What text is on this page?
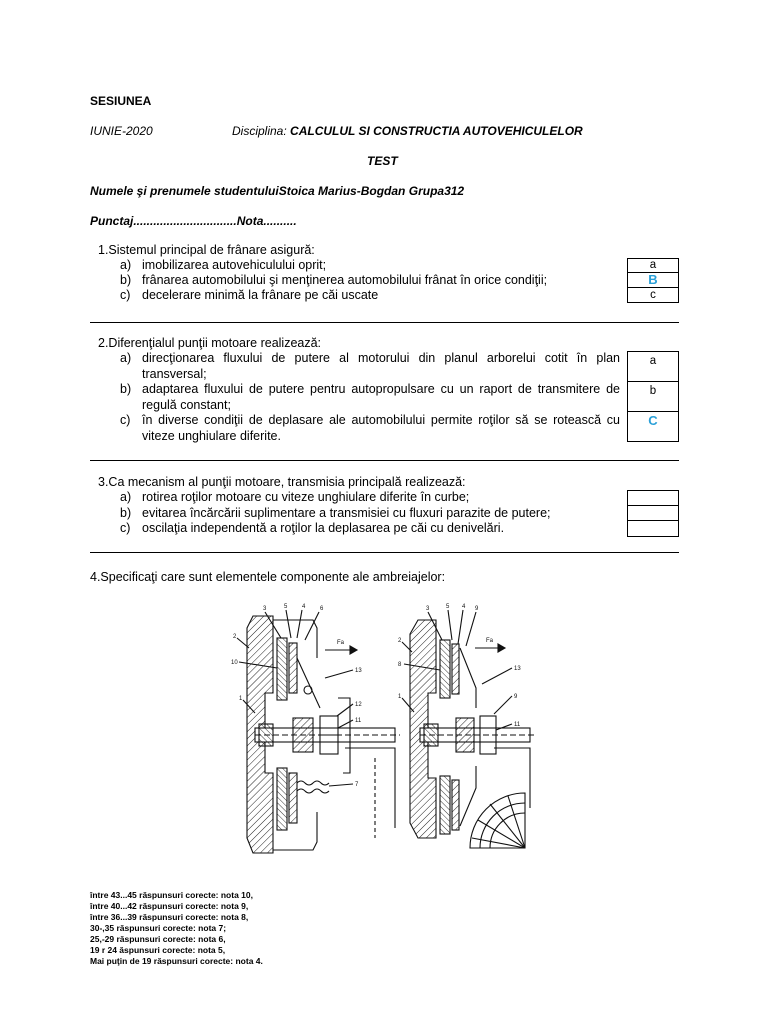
SESIUNEA
IUNIE-2020	Disciplina: CALCULUL SI CONSTRUCTIA AUTOVEHICULELOR
TEST
Numele şi prenumele studentuluiStoica Marius-Bogdan Grupa312
Punctaj...............................Nota..........
1.Sistemul principal de frânare asigură:
a) imobilizarea autovehiculului oprit;
b) frânarea automobilului şi menţinerea automobilului frânat în orice condiţii;
c) decelerare minimă la frânare pe căi uscate
a
B
c
2.Diferenţialul punţii motoare realizează:
a) direcţionarea fluxului de putere al motorului din planul arborelui cotit în plan transversal;
b) adaptarea fluxului de putere pentru autopropulsare cu un raport de transmitere de regulă constant;
c) în diverse condiţii de deplasare ale automobilului permite roţilor să se rotească cu viteze unghiulare diferite.
a
b
C
3.Ca mecanism al punţii motoare, transmisia principală realizează:
a) rotirea roţilor motoare cu viteze unghiulare diferite în curbe;
b) evitarea încărcării suplimentare a transmisiei cu fluxuri parazite de putere;
c) oscilaţia independentă a roţilor la deplasarea pe căi cu denivelări.
4.Specificaţi care sunt elementele componente ale ambreiajelor:
3	5 4 6
2
10
13
12
1
11
7
Fa
3	5 4 9
2
8
13
9
1
11
Fa
între 43...45 răspunsuri corecte: nota 10,
între 40...42 răspunsuri corecte: nota 9,
între 36...39 răspunsuri corecte: nota 8,
30-,35 răspunsuri corecte: nota 7;
25,-29 răspunsuri corecte: nota 6,
19 r 24 ăspunsuri corecte: nota 5,
Mai puţin de 19 răspunsuri corecte: nota 4.
